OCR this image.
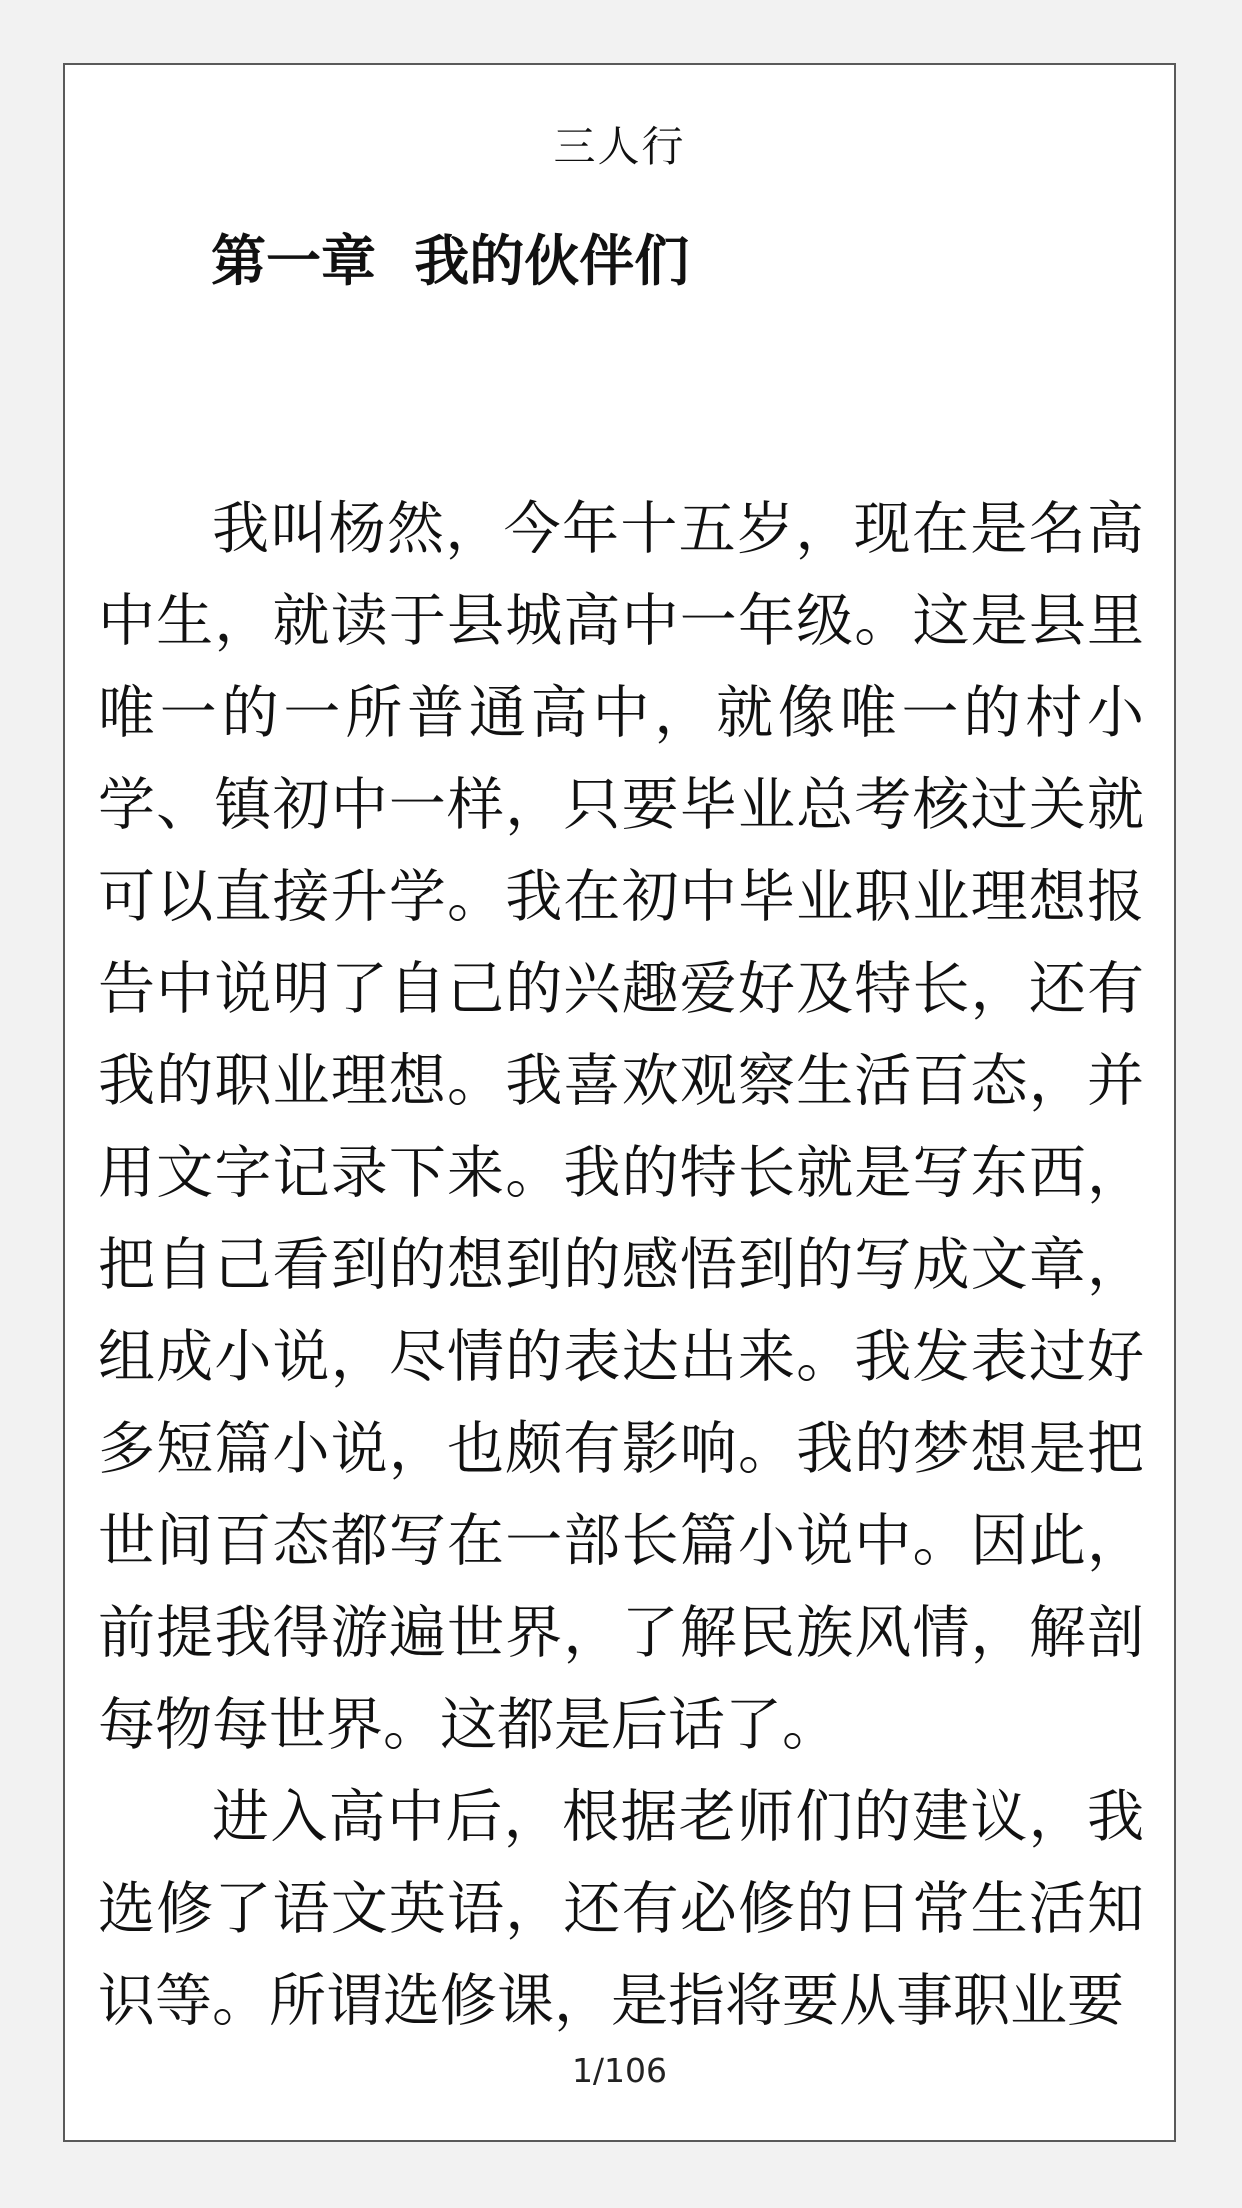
三人行
第一章  我的伙伴们

我叫杨然，今年十五岁，现在是名高中生，就读于县城高中一年级。这是县里唯一的一所普通高中，就像唯一的村小学、镇初中一样，只要毕业总考核过关就可以直接升学。我在初中毕业职业理想报告中说明了自己的兴趣爱好及特长，还有我的职业理想。我喜欢观察生活百态，并用文字记录下来。我的特长就是写东西，把自己看到的想到的感悟到的写成文章，组成小说，尽情的表达出来。我发表过好多短篇小说，也颇有影响。我的梦想是把世间百态都写在一部长篇小说中。因此，前提我得游遍世界，了解民族风情，解剖每物每世界。这都是后话了。

进入高中后，根据老师们的建议，我选修了语文英语，还有必修的日常生活知识等。所谓选修课，是指将要从事职业要

1/106
